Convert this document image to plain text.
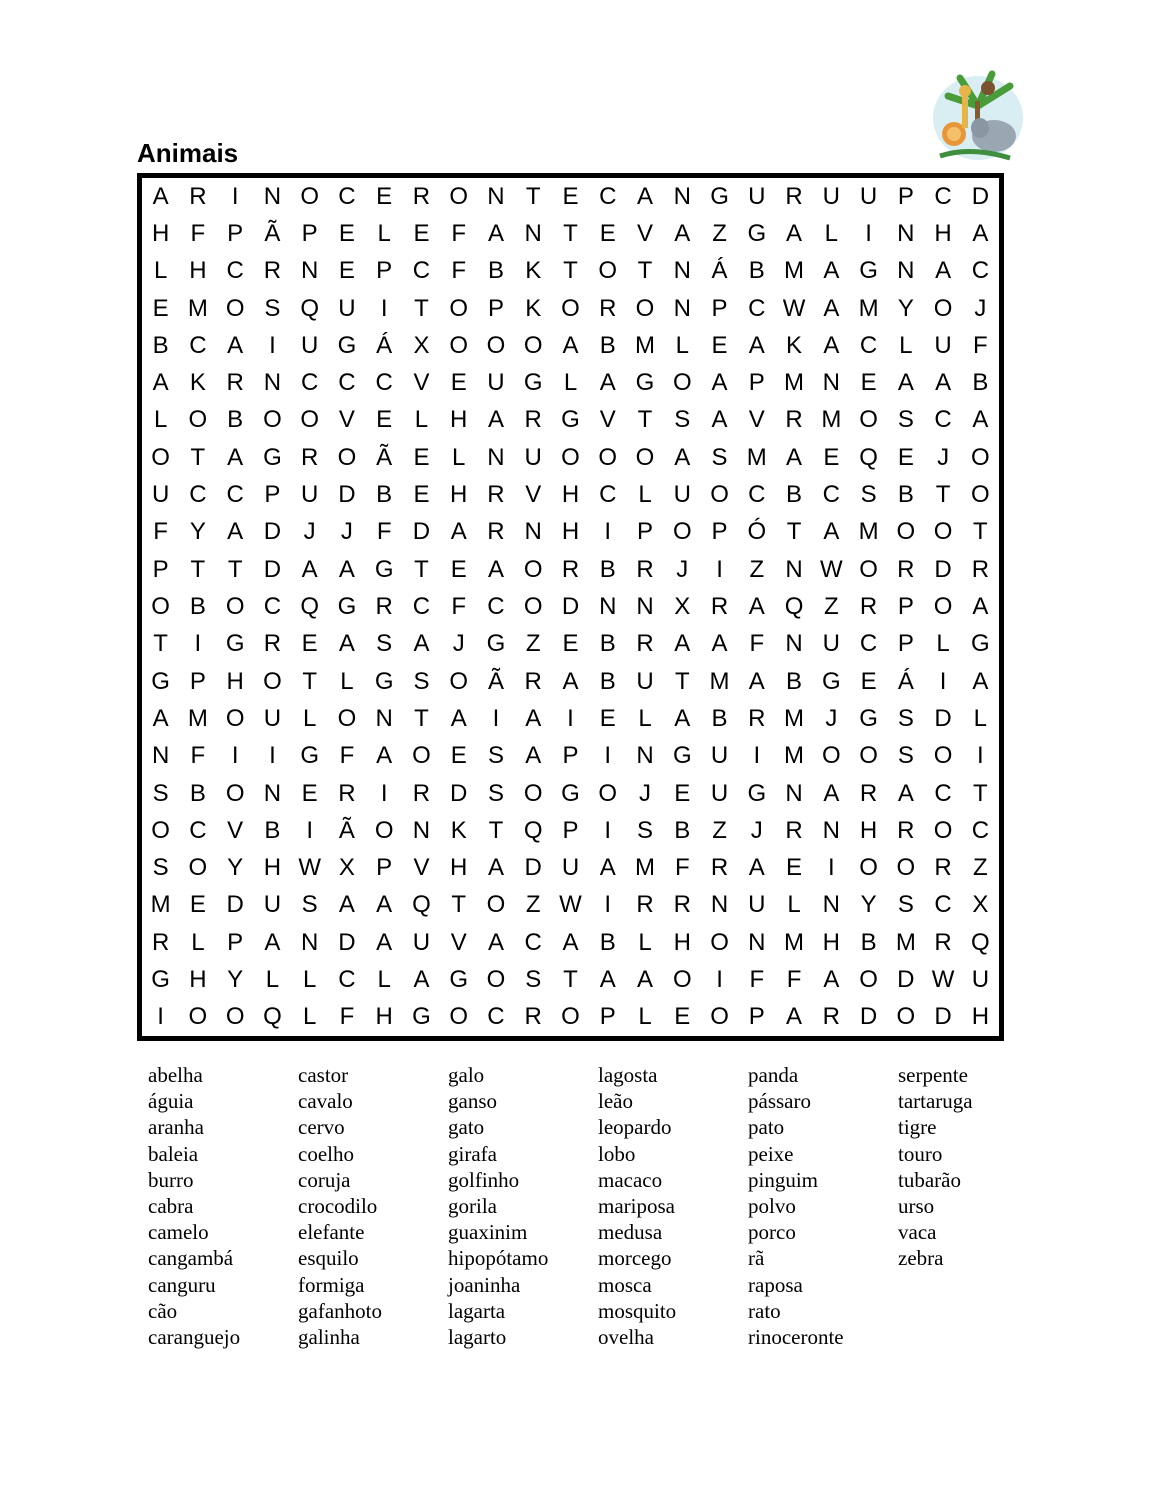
Animais
A R	I	N O C E R O N T E C A N G U R U U P C D
H F P Ã P E L E F A N T E V A Z G A L	I	N H A
L H C R N E P C F B K T O T N Á B M A G N A C
E M O S Q U	I	T O P K O R O N P C W A M Y O J
B C A	I	U G Á X O O O A B M L E A K A C L U F
A K R N C C C V E U G L A G O A P M N E A A B
L O B O O V E L H A R G V T S A V R M O S C A
O T A G R O Ã E L N U O O O A S M A E Q E J O
U C C P U D B E H R V H C L U O C B C S B T O
F Y A D J	J F D A R N H	I	P O P Ó T A M O O T
P T T D A A G T E A O R B R J	I	Z N W O R D R
O B O C Q G R C F C O D N N X R A Q Z R P O A
T	I	G R E A S A J G Z E B R A A F N U C P L G
G P H O T L G S O Ã R A B U T M A B G E Á	I	A
A M O U L O N T A	I	A	I	E L A B R M J G S D L
N F	I	I	G F A O E S A P	I	N G U	I M O O S O	I
S B O N E R	I	R D S O G O J E U G N A R A C T
O C V B	I	Ã O N K T Q P	I	S B Z J R N H R O C
S O Y H W X P V H A D U A M F R A E	I	O O R Z
M E D U S A A Q T O Z W I	R R N U L N Y S C X
R L P A N D A U V A C A B L H O N M H B M R Q
G H Y L L C L A G O S T A A O	I	F F A O D W U
I	O O Q L F H G O C R O P L E O P A R D O D H
abelha	castor	galo	lagosta	panda	serpente
águia	cavalo	ganso	leão	pássaro	tartaruga
aranha	cervo	gato	leopardo	pato	tigre
baleia	coelho	girafa	lobo	peixe	touro
burro	coruja	golfinho	macaco	pinguim	tubarão
cabra	crocodilo	gorila	mariposa	polvo	urso
camelo	elefante	guaxinim	medusa	porco	vaca
cangambá	esquilo	hipopótamo	morcego	rã	zebra
canguru	formiga	joaninha	mosca	raposa
cão	gafanhoto	lagarta	mosquito	rato
caranguejo	galinha	lagarto	ovelha	rinoceronte
